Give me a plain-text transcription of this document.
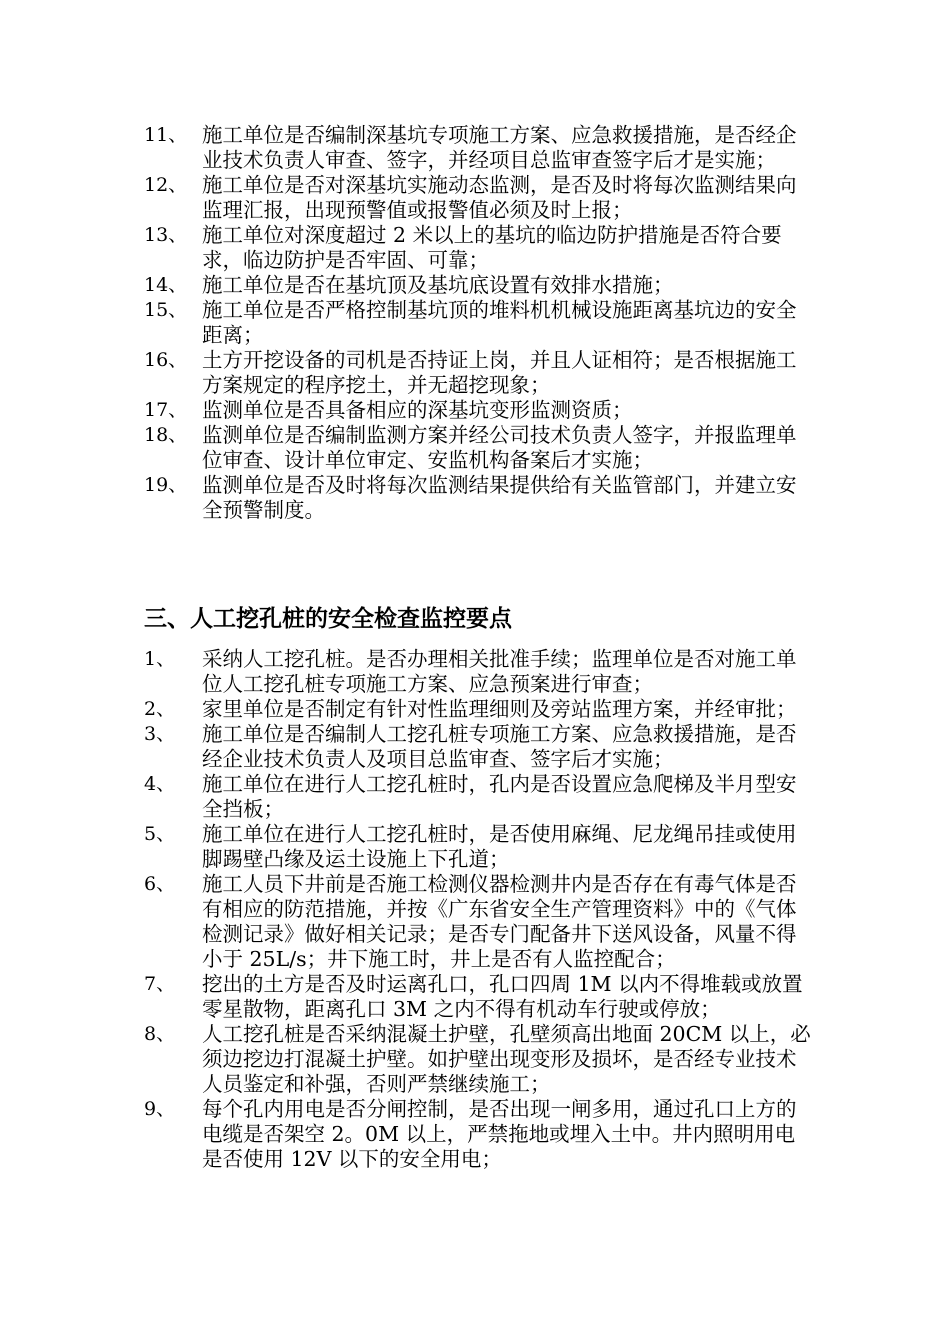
11、 施工单位是否编制深基坑专项施工方案、应急救援措施，是否经企业技术负责人审查、签字，并经项目总监审查签字后才是实施；
12、 施工单位是否对深基坑实施动态监测，是否及时将每次监测结果向监理汇报，出现预警值或报警值必须及时上报；
13、 施工单位对深度超过 2 米以上的基坑的临边防护措施是否符合要求，临边防护是否牢固、可靠；
14、 施工单位是否在基坑顶及基坑底设置有效排水措施；
15、 施工单位是否严格控制基坑顶的堆料机机械设施距离基坑边的安全距离；
16、 土方开挖设备的司机是否持证上岗，并且人证相符；是否根据施工方案规定的程序挖土，并无超挖现象；
17、 监测单位是否具备相应的深基坑变形监测资质；
18、 监测单位是否编制监测方案并经公司技术负责人签字，并报监理单位审查、设计单位审定、安监机构备案后才实施；
19、 监测单位是否及时将每次监测结果提供给有关监管部门，并建立安全预警制度。
三、人工挖孔桩的安全检查监控要点
1、	采纳人工挖孔桩。是否办理相关批准手续；监理单位是否对施工单位人工挖孔桩专项施工方案、应急预案进行审查；
2、	家里单位是否制定有针对性监理细则及旁站监理方案，并经审批；
3、	施工单位是否编制人工挖孔桩专项施工方案、应急救援措施，是否经企业技术负责人及项目总监审查、签字后才实施；
4、	施工单位在进行人工挖孔桩时，孔内是否设置应急爬梯及半月型安全挡板；
5、	施工单位在进行人工挖孔桩时，是否使用麻绳、尼龙绳吊挂或使用脚踢壁凸缘及运土设施上下孔道；
6、	施工人员下井前是否施工检测仪器检测井内是否存在有毒气体是否有相应的防范措施，并按《广东省安全生产管理资料》中的《气体检测记录》做好相关记录；是否专门配备井下送风设备，风量不得小于 25L/s；井下施工时，井上是否有人监控配合；
7、	挖出的土方是否及时运离孔口，孔口四周 1M 以内不得堆载或放置零星散物，距离孔口 3M 之内不得有机动车行驶或停放；
8、	人工挖孔桩是否采纳混凝土护壁，孔壁须高出地面 20CM 以上，必须边挖边打混凝土护壁。如护壁出现变形及损坏，是否经专业技术人员鉴定和补强，否则严禁继续施工；
9、	每个孔内用电是否分闸控制，是否出现一闸多用，通过孔口上方的电缆是否架空 2。0M 以上，严禁拖地或埋入土中。井内照明用电是否使用 12V 以下的安全用电；
